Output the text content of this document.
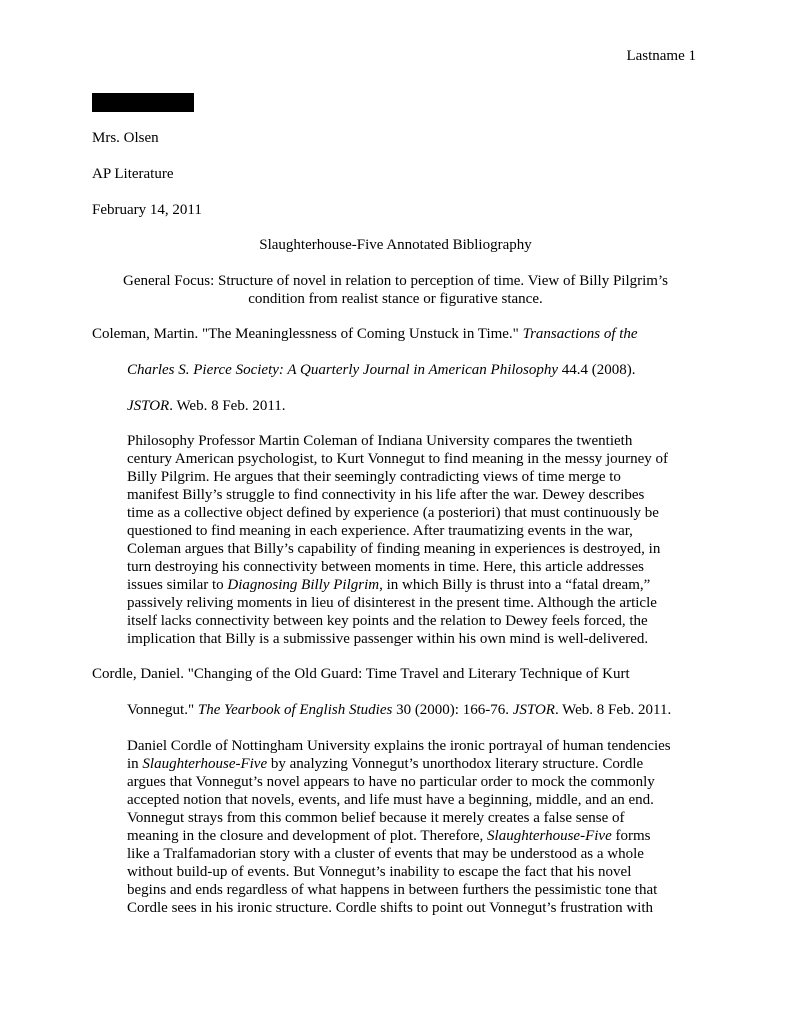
Lastname 1
Mrs. Olsen
AP Literature
February 14, 2011
Slaughterhouse-Five Annotated Bibliography
General Focus: Structure of novel in relation to perception of time. View of Billy Pilgrim’s
condition from realist stance or figurative stance.
Coleman, Martin. "The Meaninglessness of Coming Unstuck in Time." Transactions of the
Charles S. Pierce Society: A Quarterly Journal in American Philosophy 44.4 (2008).
JSTOR. Web. 8 Feb. 2011.
Philosophy Professor Martin Coleman of Indiana University compares the twentieth
century American psychologist, to Kurt Vonnegut to find meaning in the messy journey of
Billy Pilgrim. He argues that their seemingly contradicting views of time merge to
manifest Billy’s struggle to find connectivity in his life after the war. Dewey describes
time as a collective object defined by experience (a posteriori) that must continuously be
questioned to find meaning in each experience. After traumatizing events in the war,
Coleman argues that Billy’s capability of finding meaning in experiences is destroyed, in
turn destroying his connectivity between moments in time. Here, this article addresses
issues similar to Diagnosing Billy Pilgrim, in which Billy is thrust into a “fatal dream,”
passively reliving moments in lieu of disinterest in the present time. Although the article
itself lacks connectivity between key points and the relation to Dewey feels forced, the
implication that Billy is a submissive passenger within his own mind is well-delivered.
Cordle, Daniel. "Changing of the Old Guard: Time Travel and Literary Technique of Kurt
Vonnegut." The Yearbook of English Studies 30 (2000): 166-76. JSTOR. Web. 8 Feb. 2011.
Daniel Cordle of Nottingham University explains the ironic portrayal of human tendencies
in Slaughterhouse-Five by analyzing Vonnegut’s unorthodox literary structure. Cordle
argues that Vonnegut’s novel appears to have no particular order to mock the commonly
accepted notion that novels, events, and life must have a beginning, middle, and an end.
Vonnegut strays from this common belief because it merely creates a false sense of
meaning in the closure and development of plot. Therefore, Slaughterhouse-Five forms
like a Tralfamadorian story with a cluster of events that may be understood as a whole
without build-up of events. But Vonnegut’s inability to escape the fact that his novel
begins and ends regardless of what happens in between furthers the pessimistic tone that
Cordle sees in his ironic structure. Cordle shifts to point out Vonnegut’s frustration with
